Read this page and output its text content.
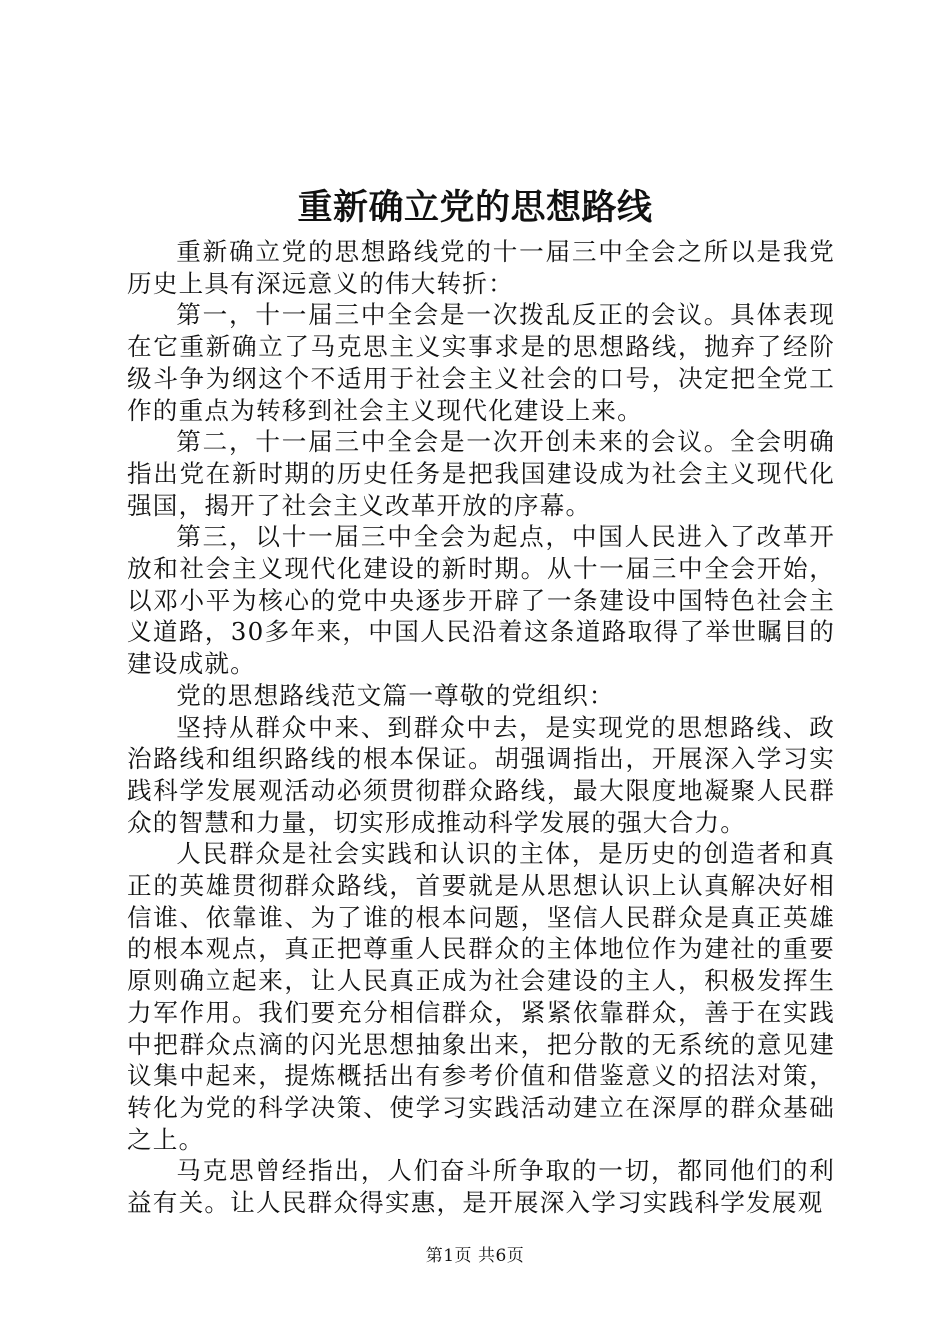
重新确立党的思想路线

重新确立党的思想路线党的十一届三中全会之所以是我党历史上具有深远意义的伟大转折：

第一，十一届三中全会是一次拨乱反正的会议。具体表现在它重新确立了马克思主义实事求是的思想路线，抛弃了经阶级斗争为纲这个不适用于社会主义社会的口号，决定把全党工作的重点为转移到社会主义现代化建设上来。

第二，十一届三中全会是一次开创未来的会议。全会明确指出党在新时期的历史任务是把我国建设成为社会主义现代化强国，揭开了社会主义改革开放的序幕。

第三，以十一届三中全会为起点，中国人民进入了改革开放和社会主义现代化建设的新时期。从十一届三中全会开始，以邓小平为核心的党中央逐步开辟了一条建设中国特色社会主义道路，30多年来，中国人民沿着这条道路取得了举世瞩目的建设成就。

党的思想路线范文篇一尊敬的党组织：

坚持从群众中来、到群众中去，是实现党的思想路线、政治路线和组织路线的根本保证。胡强调指出，开展深入学习实践科学发展观活动必须贯彻群众路线，最大限度地凝聚人民群众的智慧和力量，切实形成推动科学发展的强大合力。

人民群众是社会实践和认识的主体，是历史的创造者和真正的英雄贯彻群众路线，首要就是从思想认识上认真解决好相信谁、依靠谁、为了谁的根本问题，坚信人民群众是真正英雄的根本观点，真正把尊重人民群众的主体地位作为建社的重要原则确立起来，让人民真正成为社会建设的主人，积极发挥生力军作用。我们要充分相信群众，紧紧依靠群众，善于在实践中把群众点滴的闪光思想抽象出来，把分散的无系统的意见建议集中起来，提炼概括出有参考价值和借鉴意义的招法对策，转化为党的科学决策、使学习实践活动建立在深厚的群众基础之上。

马克思曾经指出，人们奋斗所争取的一切，都同他们的利益有关。让人民群众得实惠，是开展深入学习实践科学发展观

第1页 共6页
